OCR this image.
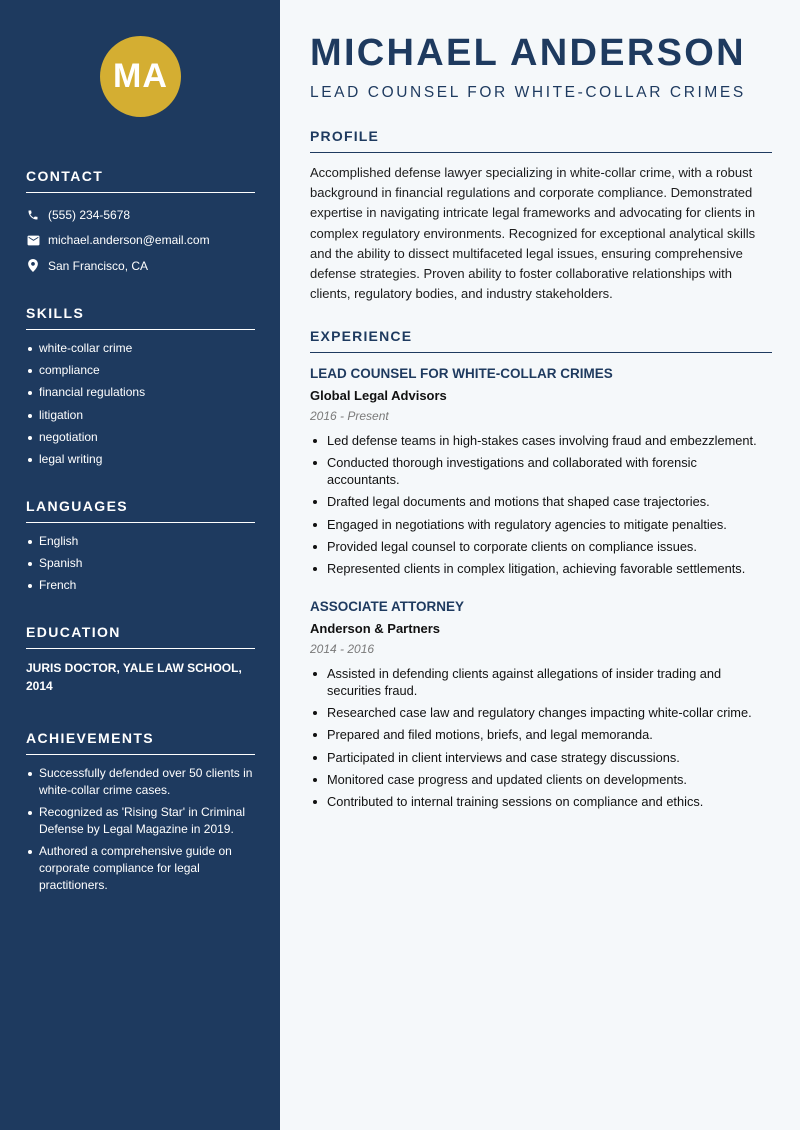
MA
CONTACT
(555) 234-5678
michael.anderson@email.com
San Francisco, CA
SKILLS
white-collar crime
compliance
financial regulations
litigation
negotiation
legal writing
LANGUAGES
English
Spanish
French
EDUCATION
JURIS DOCTOR, YALE LAW SCHOOL, 2014
ACHIEVEMENTS
Successfully defended over 50 clients in white-collar crime cases.
Recognized as 'Rising Star' in Criminal Defense by Legal Magazine in 2019.
Authored a comprehensive guide on corporate compliance for legal practitioners.
MICHAEL ANDERSON
LEAD COUNSEL FOR WHITE-COLLAR CRIMES
PROFILE

Accomplished defense lawyer specializing in white-collar crime, with a robust background in financial regulations and corporate compliance. Demonstrated expertise in navigating intricate legal frameworks and advocating for clients in complex regulatory environments. Recognized for exceptional analytical skills and the ability to dissect multifaceted legal issues, ensuring comprehensive defense strategies. Proven ability to foster collaborative relationships with clients, regulatory bodies, and industry stakeholders.

EXPERIENCE
LEAD COUNSEL FOR WHITE-COLLAR CRIMES
Global Legal Advisors
2016 - Present
Led defense teams in high-stakes cases involving fraud and embezzlement.
Conducted thorough investigations and collaborated with forensic accountants.
Drafted legal documents and motions that shaped case trajectories.
Engaged in negotiations with regulatory agencies to mitigate penalties.
Provided legal counsel to corporate clients on compliance issues.
Represented clients in complex litigation, achieving favorable settlements.
ASSOCIATE ATTORNEY
Anderson & Partners
2014 - 2016
Assisted in defending clients against allegations of insider trading and securities fraud.
Researched case law and regulatory changes impacting white-collar crime.
Prepared and filed motions, briefs, and legal memoranda.
Participated in client interviews and case strategy discussions.
Monitored case progress and updated clients on developments.
Contributed to internal training sessions on compliance and ethics.
